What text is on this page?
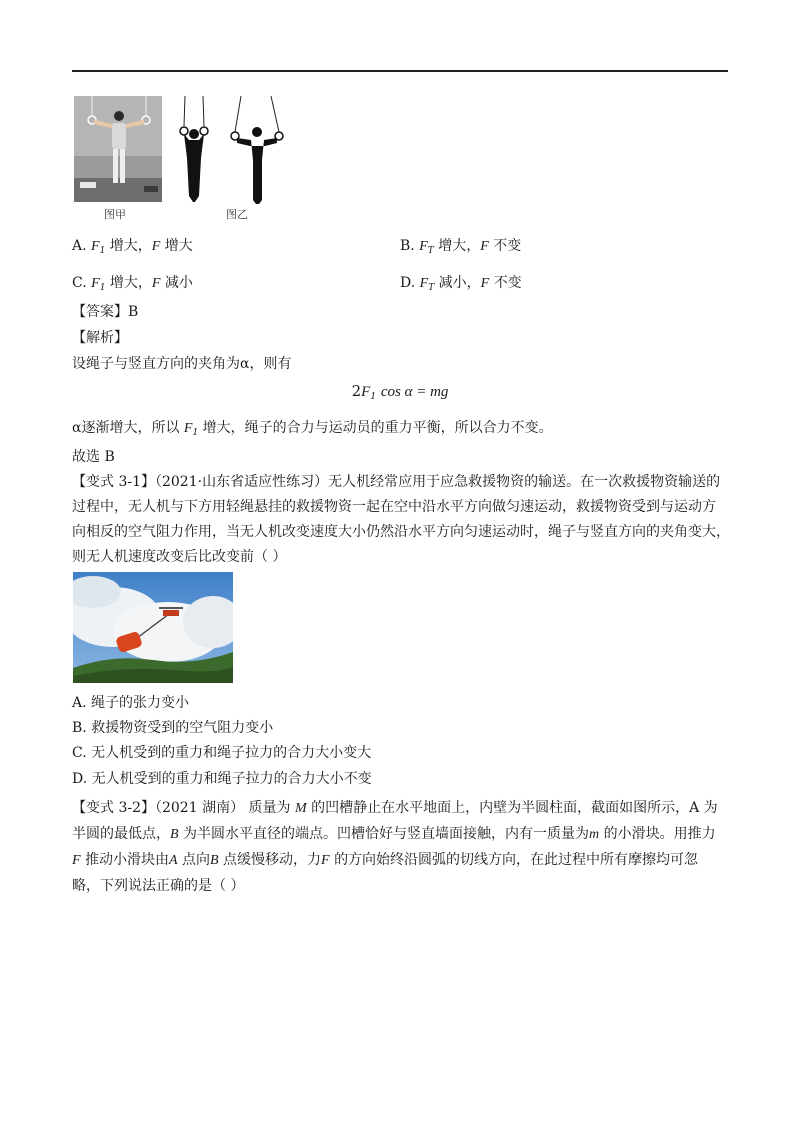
图甲	图乙
A. $F_1$ 增大，F 增大	B. $F_T$ 增大，F 不变
C. $F_1$ 增大，F 减小	D. $F_T$ 减小，F 不变
【答案】B
【解析】
设绳子与竖直方向的夹角为α，则有
$2F_1$ cos α = mg
α逐渐增大，所以 $F_1$ 增大，绳子的合力与运动员的重力平衡，所以合力不变。
故选 B
【变式 3-1】（2021·山东省适应性练习）无人机经常应用于应急救援物资的输送。在一次救援物资输送的
过程中，无人机与下方用轻绳悬挂的救援物资一起在空中沿水平方向做匀速运动，救援物资受到与运动方
向相反的空气阻力作用，当无人机改变速度大小仍然沿水平方向匀速运动时，绳子与竖直方向的夹角变大，
则无人机速度改变后比改变前（ ）
A. 绳子的张力变小
B. 救援物资受到的空气阻力变小
C. 无人机受到的重力和绳子拉力的合力大小变大
D. 无人机受到的重力和绳子拉力的合力大小不变
【变式 3-2】（2021 湖南） 质量为 M 的凹槽静止在水平地面上，内壁为半圆柱面，截面如图所示，A 为
半圆的最低点，B 为半圆水平直径的端点。凹槽恰好与竖直墙面接触，内有一质量为m 的小滑块。用推力
F 推动小滑块由A 点向B 点缓慢移动，力F 的方向始终沿圆弧的切线方向，在此过程中所有摩擦均可忽
略，下列说法正确的是（ ）
